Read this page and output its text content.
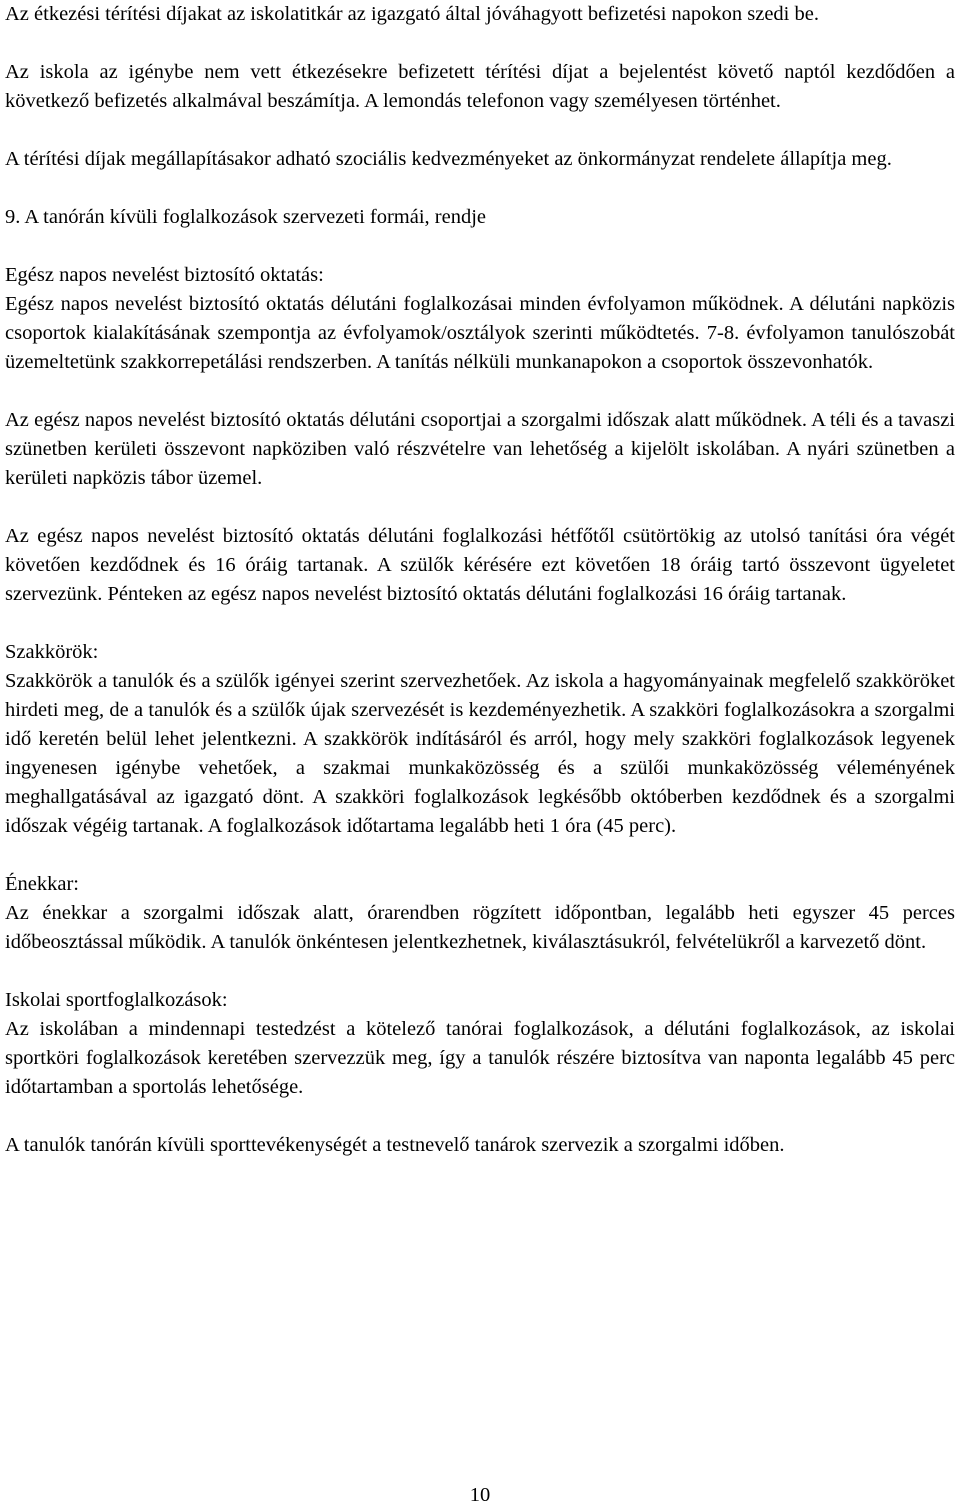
Az étkezési térítési díjakat az iskolatitkár az igazgató által jóváhagyott befizetési napokon szedi be.

Az iskola az igénybe nem vett étkezésekre befizetett térítési díjat a bejelentést követő naptól kezdődően a következő befizetés alkalmával beszámítja. A lemondás telefonon vagy személyesen történhet.

A térítési díjak megállapításakor adható szociális kedvezményeket az önkormányzat rendelete állapítja meg.

9. A tanórán kívüli foglalkozások szervezeti formái, rendje

Egész napos nevelést biztosító oktatás:

Egész napos nevelést biztosító oktatás délutáni foglalkozásai minden évfolyamon működnek. A délutáni napközis csoportok kialakításának szempontja az évfolyamok/osztályok szerinti működtetés. 7-8. évfolyamon tanulószobát üzemeltetünk szakkorrepetálási rendszerben. A tanítás nélküli munkanapokon a csoportok összevonhatók.

Az egész napos nevelést biztosító oktatás délutáni csoportjai a szorgalmi időszak alatt működnek. A téli és a tavaszi szünetben kerületi összevont napköziben való részvételre van lehetőség a kijelölt iskolában. A nyári szünetben a kerületi napközis tábor üzemel.

Az egész napos nevelést biztosító oktatás délutáni foglalkozási hétfőtől csütörtökig az utolsó tanítási óra végét követően kezdődnek és 16 óráig tartanak. A szülők kérésére ezt követően 18 óráig tartó összevont ügyeletet szervezünk. Pénteken az egész napos nevelést biztosító oktatás délutáni foglalkozási 16 óráig tartanak.

Szakkörök:

Szakkörök a tanulók és a szülők igényei szerint szervezhetőek. Az iskola a hagyományainak megfelelő szakköröket hirdeti meg, de a tanulók és a szülők újak szervezését is kezdeményezhetik. A szakköri foglalkozásokra a szorgalmi idő keretén belül lehet jelentkezni. A szakkörök indításáról és arról, hogy mely szakköri foglalkozások legyenek ingyenesen igénybe vehetőek, a szakmai munkaközösség és a szülői munkaközösség véleményének meghallgatásával az igazgató dönt. A szakköri foglalkozások legkésőbb októberben kezdődnek és a szorgalmi időszak végéig tartanak. A foglalkozások időtartama legalább heti 1 óra (45 perc).

Énekkar:

Az énekkar a szorgalmi időszak alatt, órarendben rögzített időpontban, legalább heti egyszer 45 perces időbeosztással működik. A tanulók önkéntesen jelentkezhetnek, kiválasztásukról, felvételükről a karvezető dönt.

Iskolai sportfoglalkozások:

Az iskolában a mindennapi testedzést a kötelező tanórai foglalkozások, a délutáni foglalkozások, az iskolai sportköri foglalkozások keretében szervezzük meg, így a tanulók részére biztosítva van naponta legalább 45 perc időtartamban a sportolás lehetősége.

A tanulók tanórán kívüli sporttevékenységét a testnevelő tanárok szervezik a szorgalmi időben.

10
